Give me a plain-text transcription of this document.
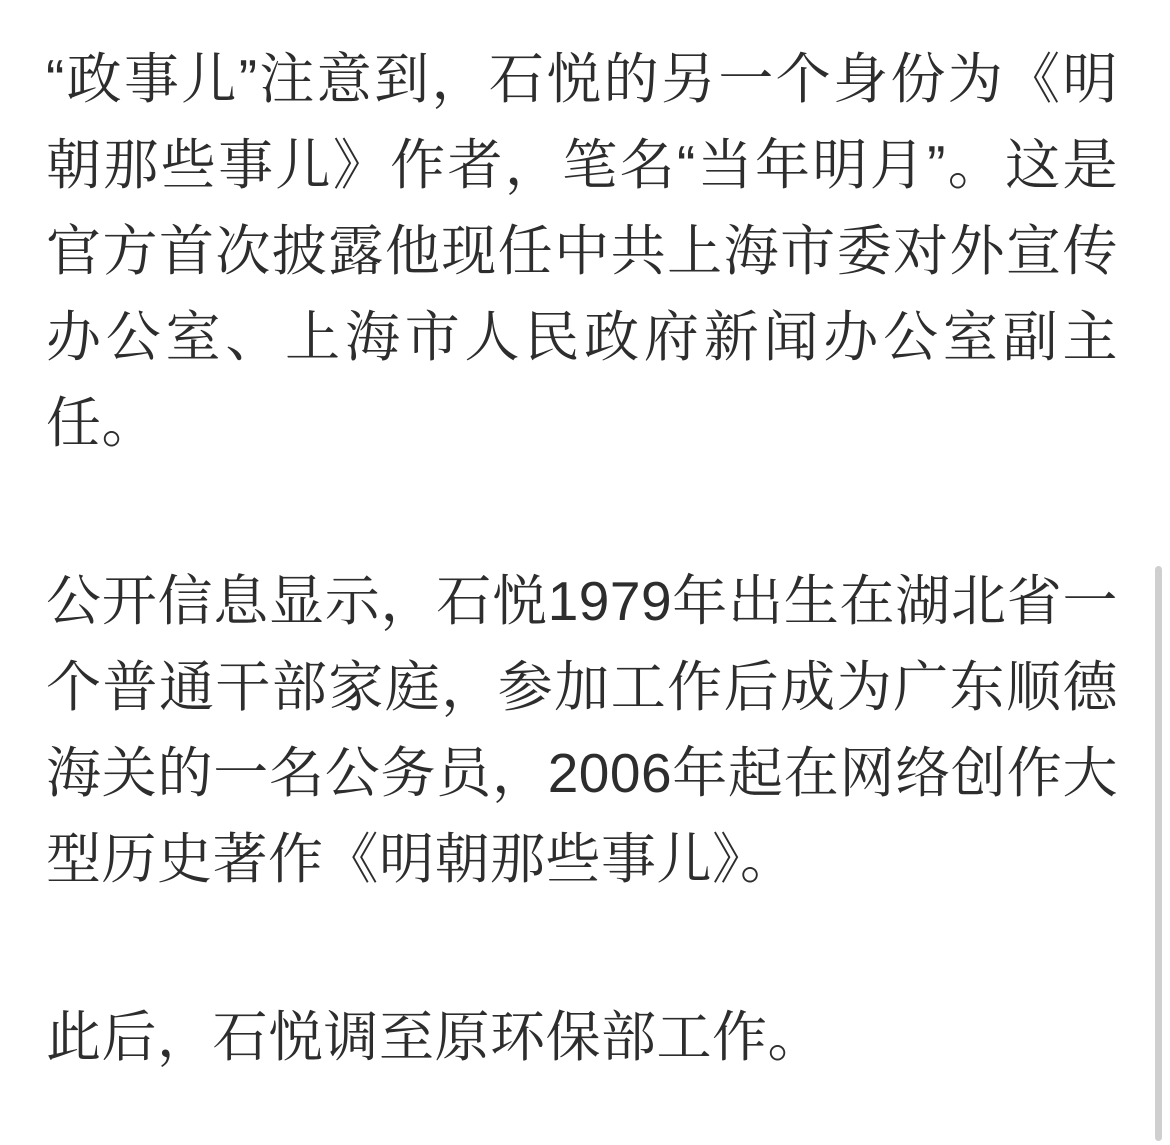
“政事儿”注意到，石悦的另一个身份为《明朝那些事儿》作者，笔名“当年明月”。这是官方首次披露他现任中共上海市委对外宣传办公室、上海市人民政府新闻办公室副主任。

公开信息显示，石悦1979年出生在湖北省一个普通干部家庭，参加工作后成为广东顺德海关的一名公务员，2006年起在网络创作大型历史著作《明朝那些事儿》。

此后，石悦调至原环保部工作。
